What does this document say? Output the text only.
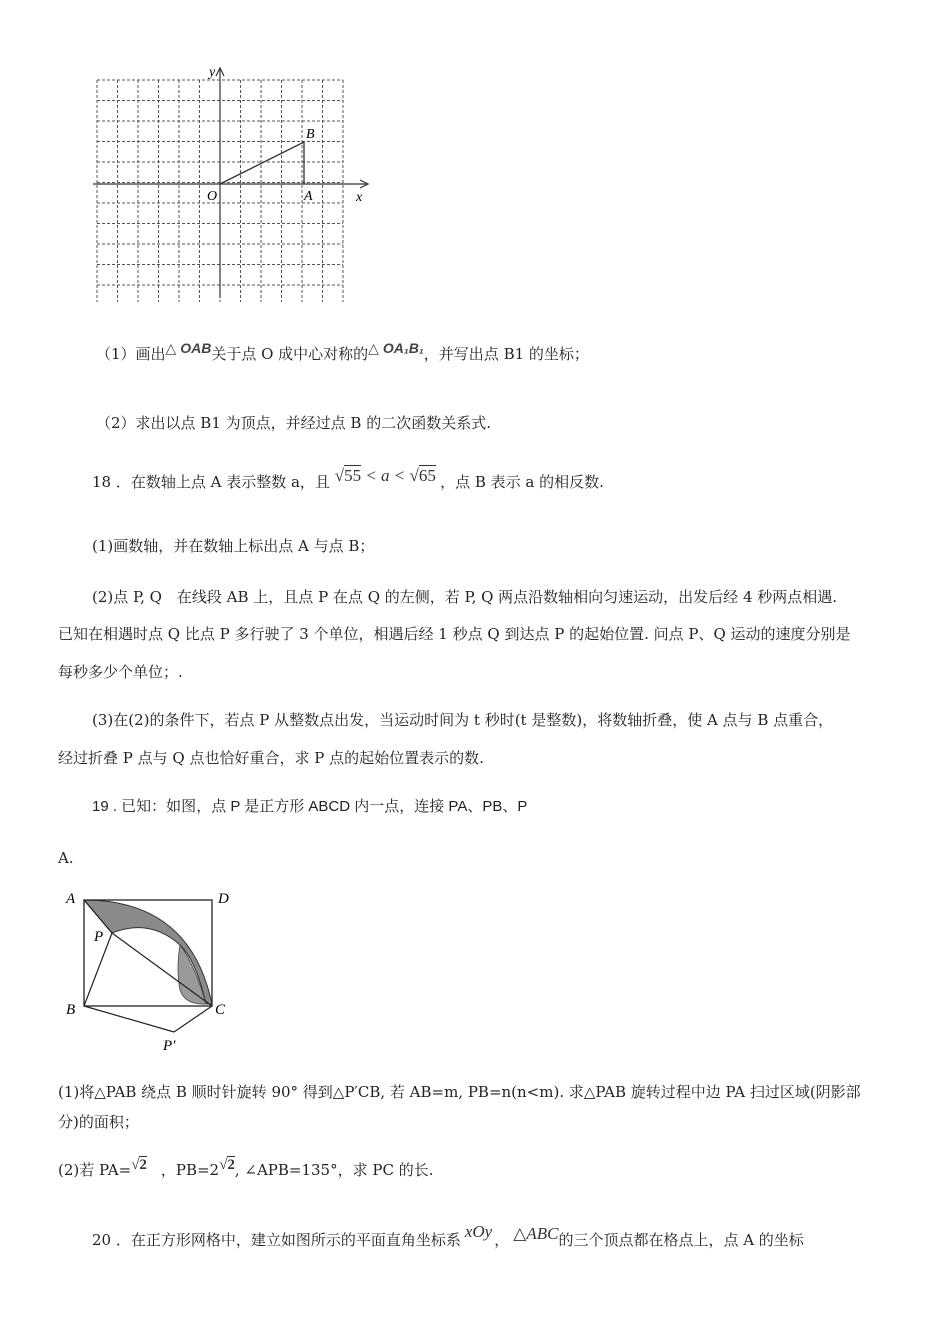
y
x
O	A
B
（1）画出△ OAB关于点 O 成中心对称的△ OA₁B₁，并写出点 B1 的坐标；
（2）求出以点 B1 为顶点，并经过点 B 的二次函数关系式.
18 ．在数轴上点 A 表示整数 a，且 √55 < a < √65 ，点 B 表示 a 的相反数.
(1)画数轴，并在数轴上标出点 A 与点 B；
(2)点 P, Q　在线段 AB 上，且点 P 在点 Q 的左侧，若 P, Q 两点沿数轴相向匀速运动，出发后经 4 秒两点相遇.
已知在相遇时点 Q 比点 P 多行驶了 3 个单位，相遇后经 1 秒点 Q 到达点 P 的起始位置. 问点 P、Q 运动的速度分别是
每秒多少个单位；.
(3)在(2)的条件下，若点 P 从整数点出发，当运动时间为 t 秒时(t 是整数)，将数轴折叠，使 A 点与 B 点重合，
经过折叠 P 点与 Q 点也恰好重合，求 P 点的起始位置表示的数.
19 . 已知：如图，点 P 是正方形 ABCD 内一点，连接 PA、PB、P
A.
A	D
P
B	C
P′
(1)将△PAB 绕点 B 顺时针旋转 90° 得到△P′CB, 若 AB=m, PB=n(n<m). 求△PAB 旋转过程中边 PA 扫过区域(阴影部
分)的面积；
(2)若 PA=√2 ，PB=2√2, ∠APB=135°，求 PC 的长.
20 ．在正方形网格中，建立如图所示的平面直角坐标系 xOy ， △ABC的三个顶点都在格点上，点 A 的坐标
